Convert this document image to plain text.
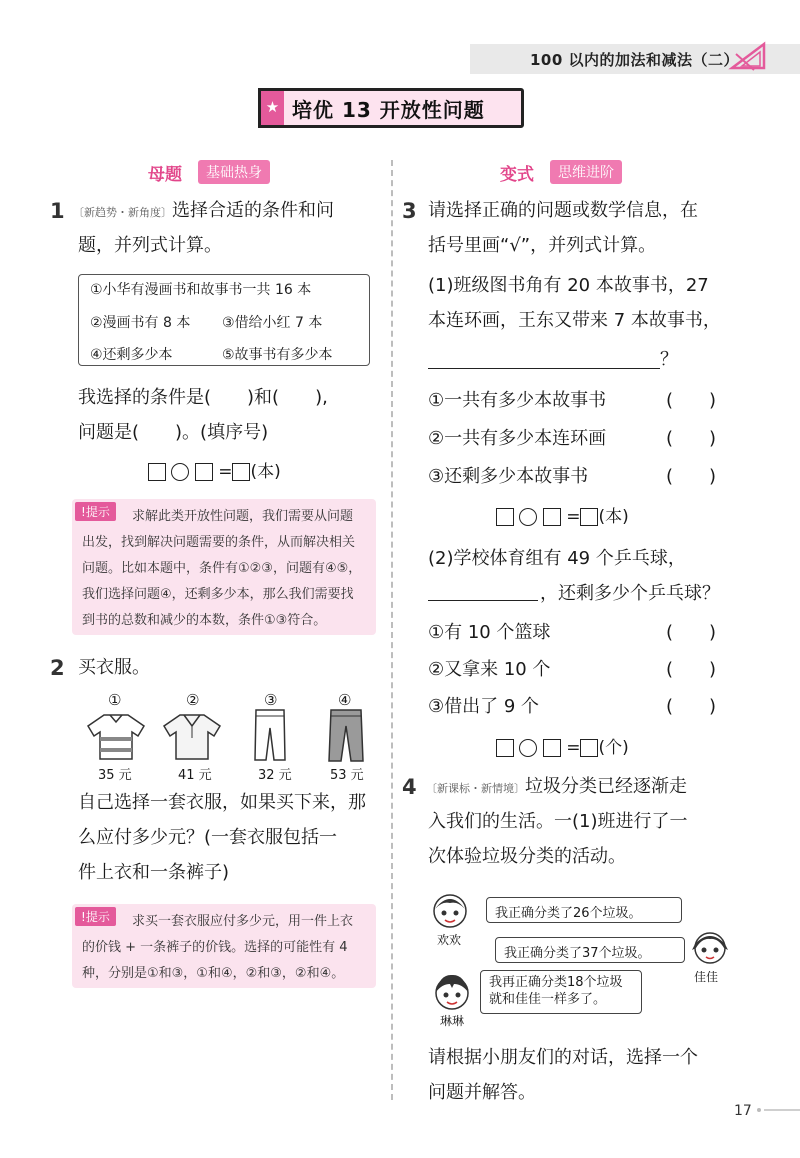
100 以内的加法和减法（二）
★ 培优 13 开放性问题
母题	基础热身
1 〔新趋势・新角度〕选择合适的条件和问
题，并列式计算。
①小华有漫画书和故事书一共 16 本
②漫画书有 8 本 ③借给小红 7 本
④还剩多少本	⑤故事书有多少本
我选择的条件是(　　)和(　　),
问题是(　　)。(填序号)
= (本)
!提示	求解此类开放性问题，我们需要从问题
出发，找到解决问题需要的条件，从而解决相关
问题。比如本题中，条件有①②③，问题有④⑤，
我们选择问题④，还剩多少本，那么我们需要找
到书的总数和减少的本数，条件①③符合。
2 买衣服。
①	②	③	④
35 元	41 元	32 元	53 元
自己选择一套衣服，如果买下来，那
么应付多少元？(一套衣服包括一
件上衣和一条裤子)
!提示	求买一套衣服应付多少元，用一件上衣
的价钱 + 一条裤子的价钱。选择的可能性有 4
种，分别是①和③，①和④，②和③，②和④。
变式	思维进阶
3 请选择正确的问题或数学信息，在
括号里画“√”，并列式计算。
(1)班级图书角有 20 本故事书，27
本连环画，王东又带来 7 本故事书，
？
①一共有多少本故事书	(　　)
②一共有多少本连环画	(　　)
③还剩多少本故事书	(　　)
= (本)
(2)学校体育组有 49 个乒乓球，
，还剩多少个乒乓球？
①有 10 个篮球	(　　)
②又拿来 10 个	(　　)
③借出了 9 个	(　　)
= (个)
4 〔新课标・新情境〕垃圾分类已经逐渐走
入我们的生活。一(1)班进行了一
次体验垃圾分类的活动。
欢欢
我正确分类了26个垃圾。
我正确分类了37个垃圾。
佳佳
琳琳
我再正确分类18个垃圾
就和佳佳一样多了。
请根据小朋友们的对话，选择一个
问题并解答。
17
